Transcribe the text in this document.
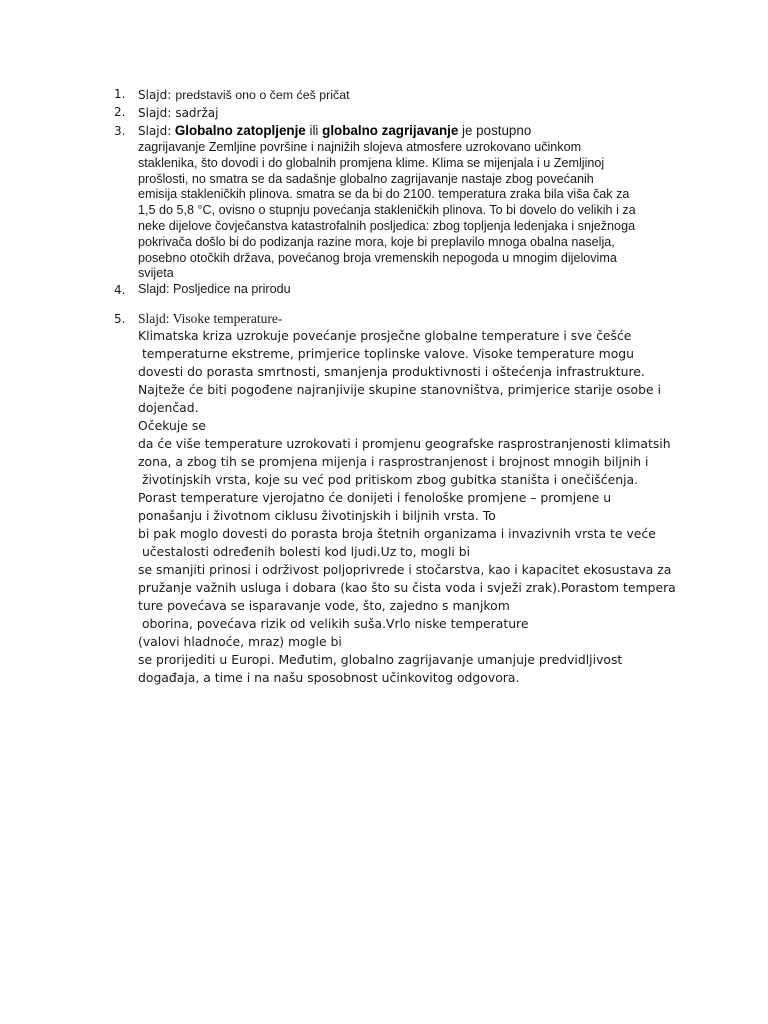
1.	Slajd: predstaviš ono o čem ćeš pričat
2.	Slajd: sadržaj
3.	Slajd: Globalno zatopljenje ili globalno zagrijavanje je postupno
zagrijavanje Zemljine površine i najnižih slojeva atmosfere uzrokovano učinkom
staklenika, što dovodi i do globalnih promjena klime. Klima se mijenjala i u Zemljinoj
prošlosti, no smatra se da sadašnje globalno zagrijavanje nastaje zbog povećanih
emisija stakleničkih plinova. smatra se da bi do 2100. temperatura zraka bila viša čak za
1,5 do 5,8 °C, ovisno o stupnju povećanja stakleničkih plinova. To bi dovelo do velikih i za
neke dijelove čovječanstva katastrofalnih posljedica: zbog topljenja ledenjaka i snježnoga
pokrivača došlo bi do podizanja razine mora, koje bi preplavilo mnoga obalna naselja,
posebno otočkih država, povećanog broja vremenskih nepogoda u mnogim dijelovima
svijeta
4. Slajd: Posljedice na prirodu
5. Slajd: Visoke temperature-
Klimatska kriza uzrokuje povećanje prosječne globalne temperature i sve češće
temperaturne ekstreme, primjerice toplinske valove. Visoke temperature mogu
dovesti do porasta smrtnosti, smanjenja produktivnosti i oštećenja infrastrukture.
Najteže će biti pogođene najranjivije skupine stanovništva, primjerice starije osobe i
dojenčad.
Očekuje se
da će više temperature uzrokovati i promjenu geografske rasprostranjenosti klimatsih
zona, a zbog tih se promjena mijenja i rasprostranjenost i brojnost mnogih biljnih i
životinjskih vrsta, koje su već pod pritiskom zbog gubitka staništa i onečišćenja.
Porast temperature vjerojatno će donijeti i fenološke promjene – promjene u
ponašanju i životnom ciklusu životinjskih i biljnih vrsta. To
bi pak moglo dovesti do porasta broja štetnih organizama i invazivnih vrsta te veće
učestalosti određenih bolesti kod ljudi.Uz to, mogli bi
se smanjiti prinosi i održivost poljoprivrede i stočarstva, kao i kapacitet ekosustava za
pružanje važnih usluga i dobara (kao što su čista voda i svježi zrak).Porastom tempera
ture povećava se isparavanje vode, što, zajedno s manjkom
oborina, povećava rizik od velikih suša.Vrlo niske temperature
(valovi hladnoće, mraz) mogle bi
se prorijediti u Europi. Međutim, globalno zagrijavanje umanjuje predvidljivost
događaja, a time i na našu sposobnost učinkovitog odgovora.
